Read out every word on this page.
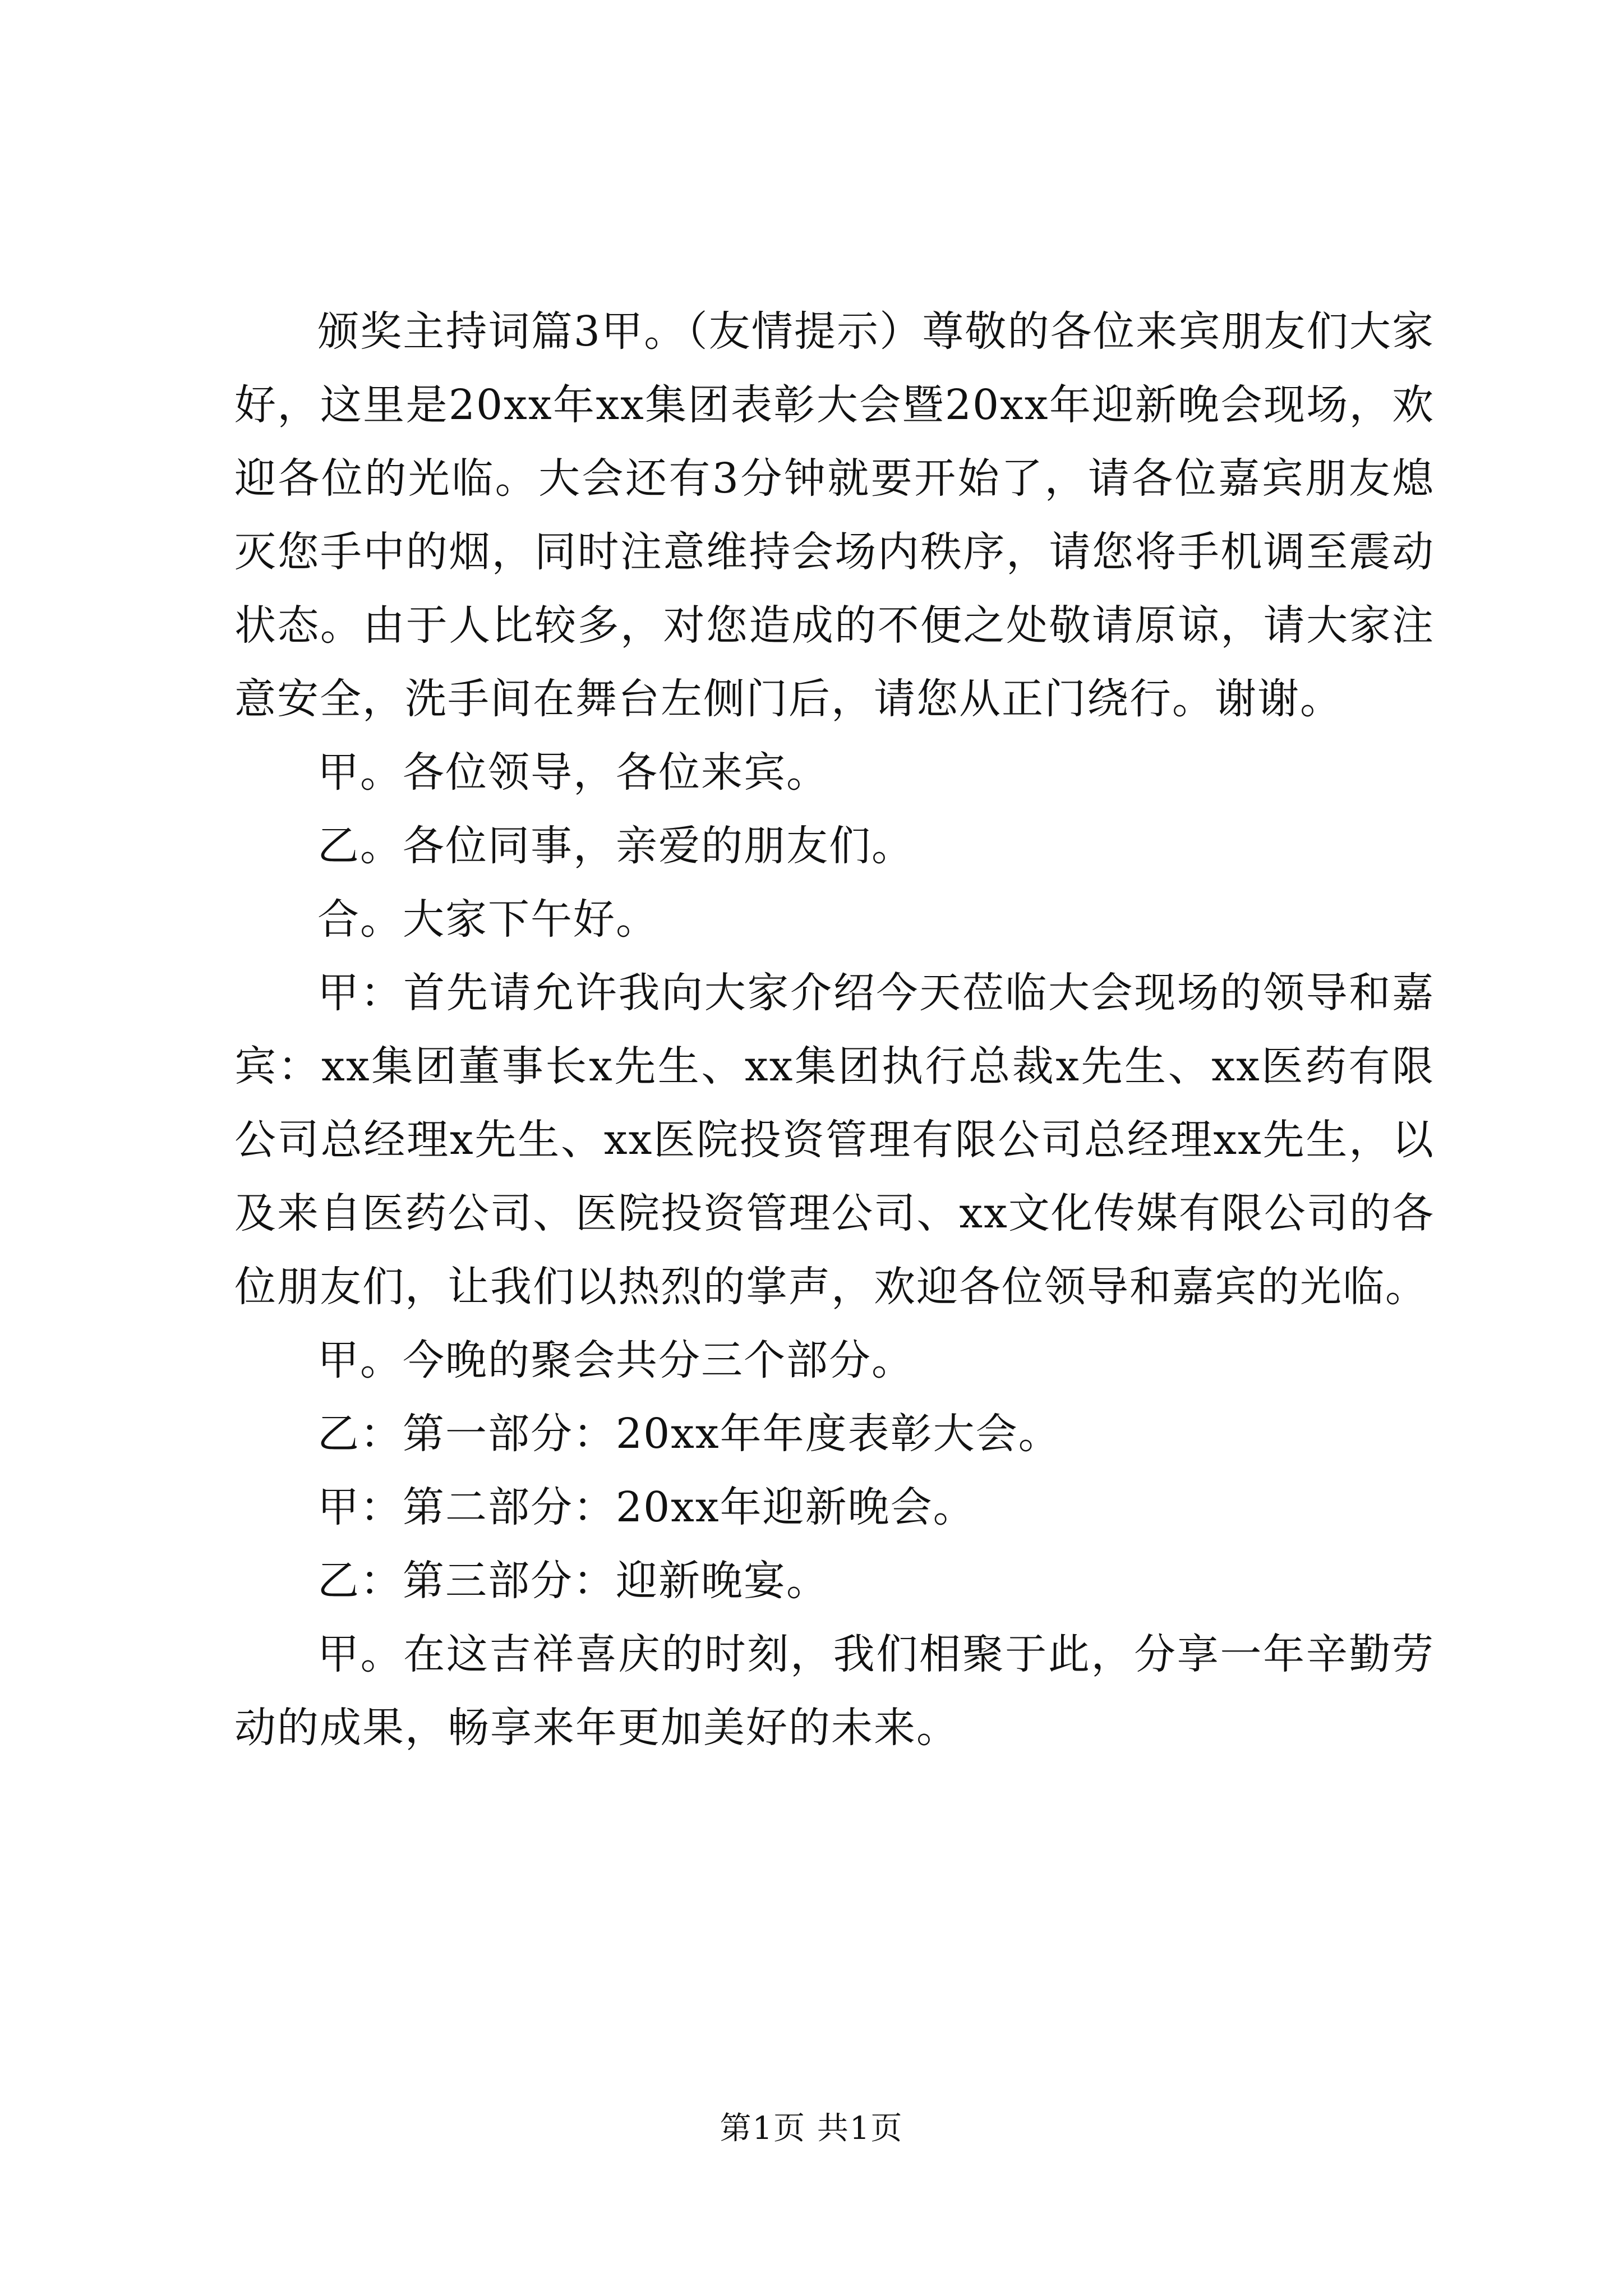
颁奖主持词篇3甲。（友情提示）尊敬的各位来宾朋友们大家好，这里是20xx年xx集团表彰大会暨20xx年迎新晚会现场，欢迎各位的光临。大会还有3分钟就要开始了，请各位嘉宾朋友熄灭您手中的烟，同时注意维持会场内秩序，请您将手机调至震动状态。由于人比较多，对您造成的不便之处敬请原谅，请大家注意安全，洗手间在舞台左侧门后，请您从正门绕行。谢谢。

甲。各位领导，各位来宾。

乙。各位同事，亲爱的朋友们。

合。大家下午好。

甲：首先请允许我向大家介绍今天莅临大会现场的领导和嘉宾：xx集团董事长x先生、xx集团执行总裁x先生、xx医药有限公司总经理x先生、xx医院投资管理有限公司总经理xx先生，以及来自医药公司、医院投资管理公司、xx文化传媒有限公司的各位朋友们，让我们以热烈的掌声，欢迎各位领导和嘉宾的光临。

甲。今晚的聚会共分三个部分。

乙：第一部分：20xx年年度表彰大会。

甲：第二部分：20xx年迎新晚会。

乙：第三部分：迎新晚宴。

甲。在这吉祥喜庆的时刻，我们相聚于此，分享一年辛勤劳动的成果，畅享来年更加美好的未来。

第1页 共1页
